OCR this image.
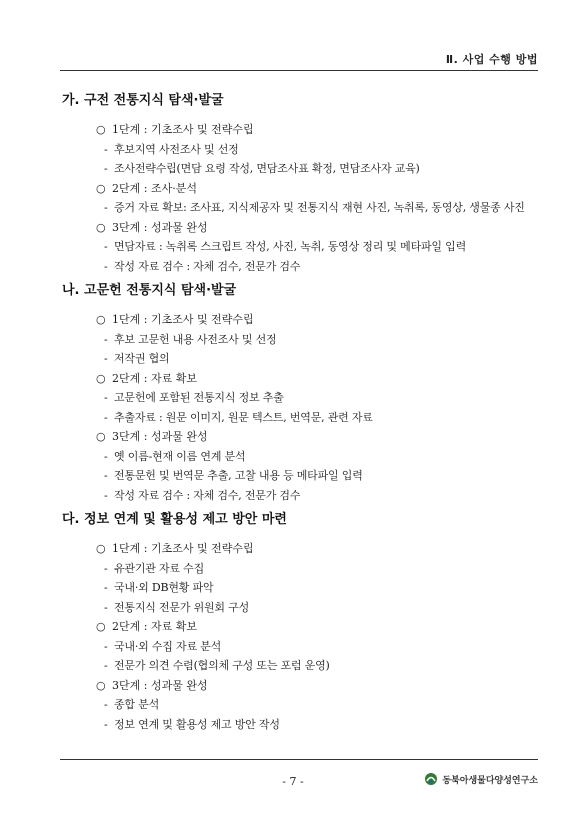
Ⅱ. 사업 수행 방법
가. 구전 전통지식 탐색·발굴
○ 1단계 : 기초조사 및 전략수립
- 후보지역 사전조사 및 선정
- 조사전략수립(면담 요령 작성, 면담조사표 확정, 면담조사자 교육)
○ 2단계 : 조사·분석
- 증거 자료 확보: 조사표, 지식제공자 및 전통지식 재현 사진, 녹취록, 동영상, 생물종 사진
○ 3단계 : 성과물 완성
- 면담자료 : 녹취록 스크립트 작성, 사진, 녹취, 동영상 정리 및 메타파일 입력
- 작성 자료 검수 : 자체 검수, 전문가 검수
나. 고문헌 전통지식 탐색·발굴
○ 1단계 : 기초조사 및 전략수립
- 후보 고문헌 내용 사전조사 및 선정
- 저작권 협의
○ 2단계 : 자료 확보
- 고문헌에 포함된 전통지식 정보 추출
- 추출자료 : 원문 이미지, 원문 텍스트, 번역문, 관련 자료
○ 3단계 : 성과물 완성
- 옛 이름-현재 이름 연계 분석
- 전통문헌 및 번역문 추출, 고찰 내용 등 메타파일 입력
- 작성 자료 검수 : 자체 검수, 전문가 검수
다. 정보 연계 및 활용성 제고 방안 마련
○ 1단계 : 기초조사 및 전략수립
- 유관기관 자료 수집
- 국내·외 DB현황 파악
- 전통지식 전문가 위원회 구성
○ 2단계 : 자료 확보
- 국내·외 수집 자료 분석
- 전문가 의견 수렴(협의체 구성 또는 포럼 운영)
○ 3단계 : 성과물 완성
- 종합 분석
- 정보 연계 및 활용성 제고 방안 작성
- 7 -	동북아생물다양성연구소
